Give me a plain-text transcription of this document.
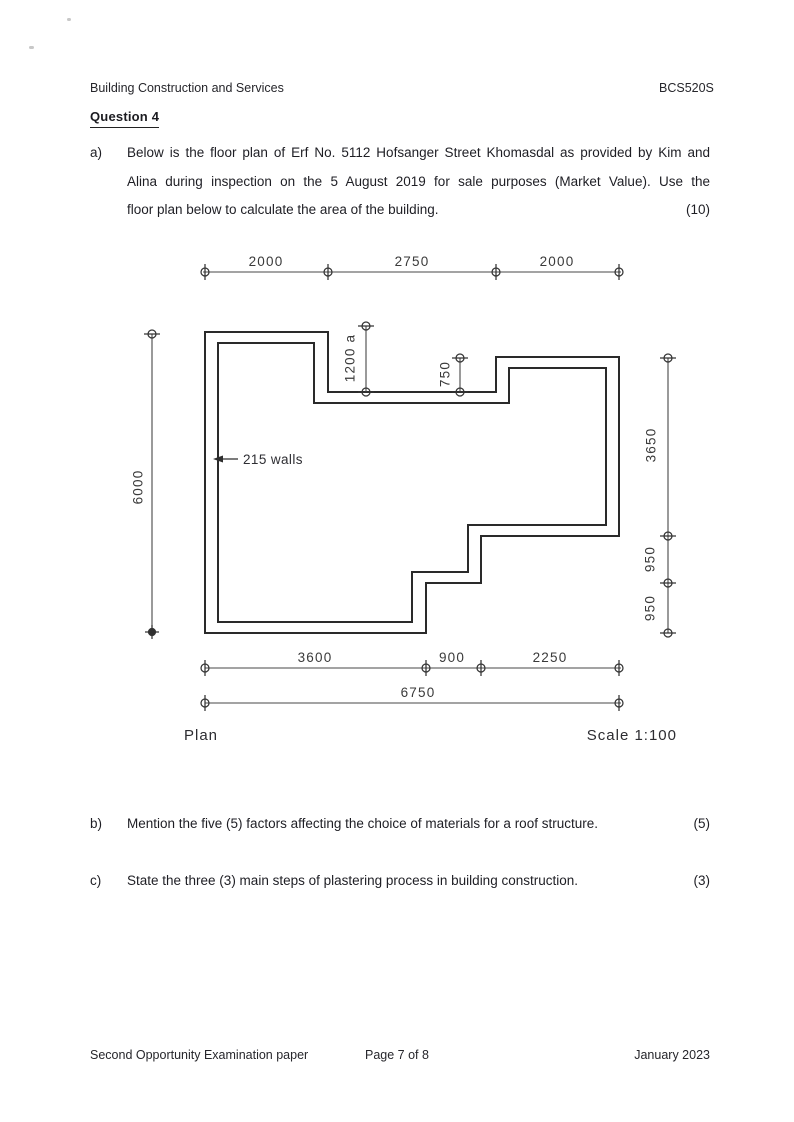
Building Construction and Services	BCS520S
Question 4
a) Below is the floor plan of Erf No. 5112 Hofsanger Street Khomasdal as provided by Kim and
Alina during inspection on the 5 August 2019 for sale purposes (Market Value). Use the
floor plan below to calculate the area of the building.	(10)
2000	2750	2000
6000
3650
950
950
1200 a	750
3600	900	2250
6750
215 walls
Plan	Scale 1:100
b) Mention the five (5) factors affecting the choice of materials for a roof structure.	(5)
c) State the three (3) main steps of plastering process in building construction.	(3)
Second Opportunity Examination paper	Page 7 of 8	January 2023
